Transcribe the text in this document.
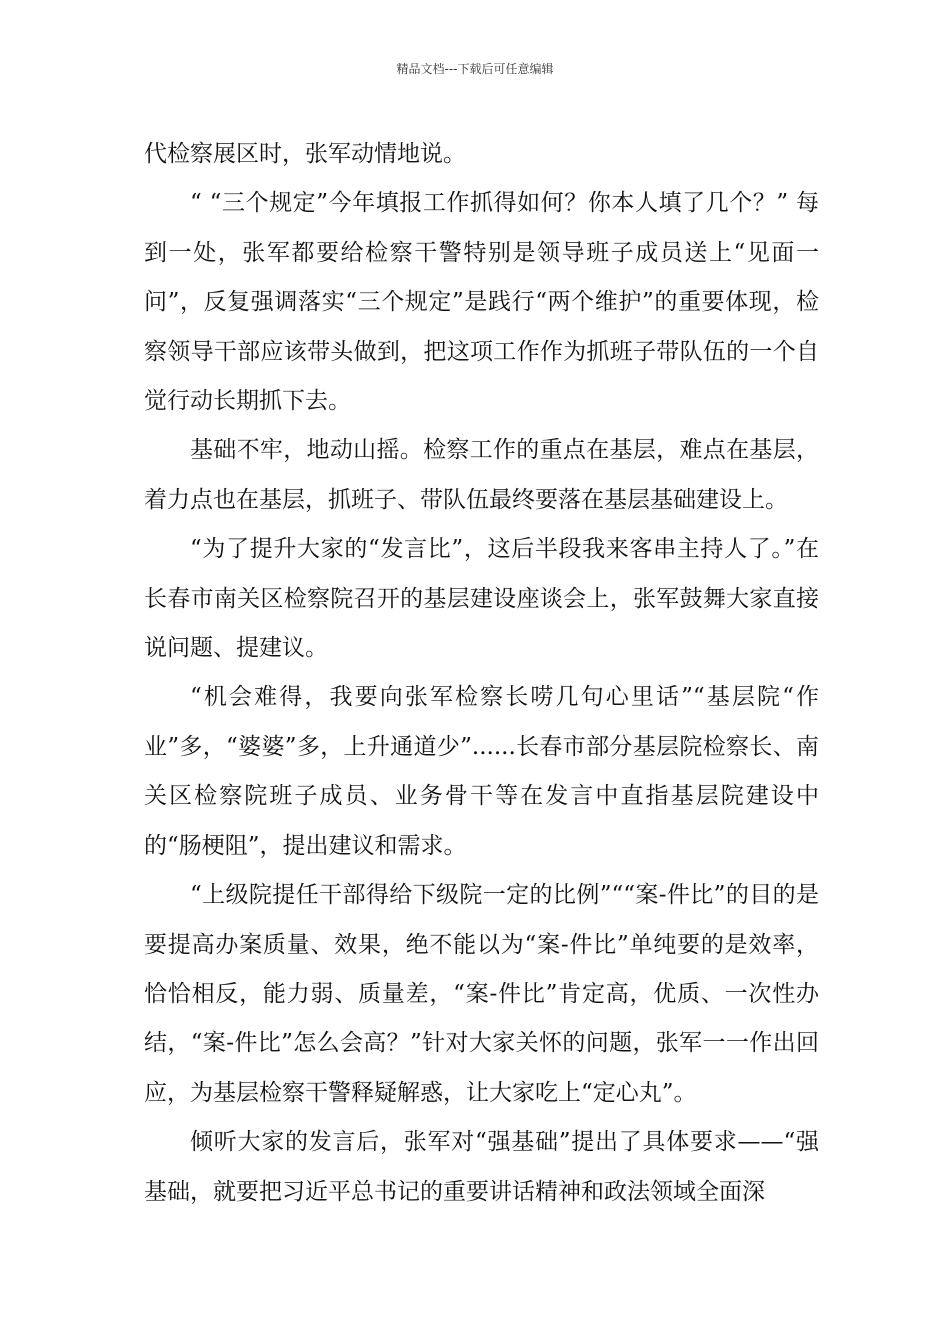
精品文档---下载后可任意编辑

代检察展区时，张军动情地说。

“ “三个规定”今年填报工作抓得如何？你本人填了几个？” 每到一处，张军都要给检察干警特别是领导班子成员送上“见面一问”，反复强调落实“三个规定”是践行“两个维护”的重要体现，检察领导干部应该带头做到，把这项工作作为抓班子带队伍的一个自觉行动长期抓下去。

基础不牢，地动山摇。检察工作的重点在基层，难点在基层，着力点也在基层，抓班子、带队伍最终要落在基层基础建设上。

“为了提升大家的“发言比”，这后半段我来客串主持人了。”在长春市南关区检察院召开的基层建设座谈会上，张军鼓舞大家直接说问题、提建议。

“机会难得，我要向张军检察长唠几句心里话”“基层院“作业”多，“婆婆”多，上升通道少”......长春市部分基层院检察长、南关区检察院班子成员、业务骨干等在发言中直指基层院建设中的“肠梗阻”，提出建议和需求。

“上级院提任干部得给下级院一定的比例”““案-件比”的目的是要提高办案质量、效果，绝不能以为“案-件比”单纯要的是效率，恰恰相反，能力弱、质量差，“案-件比”肯定高，优质、一次性办结，“案-件比”怎么会高？”针对大家关怀的问题，张军一一作出回应，为基层检察干警释疑解惑，让大家吃上“定心丸”。

倾听大家的发言后，张军对“强基础”提出了具体要求——“强基础，就要把习近平总书记的重要讲话精神和政法领域全面深
